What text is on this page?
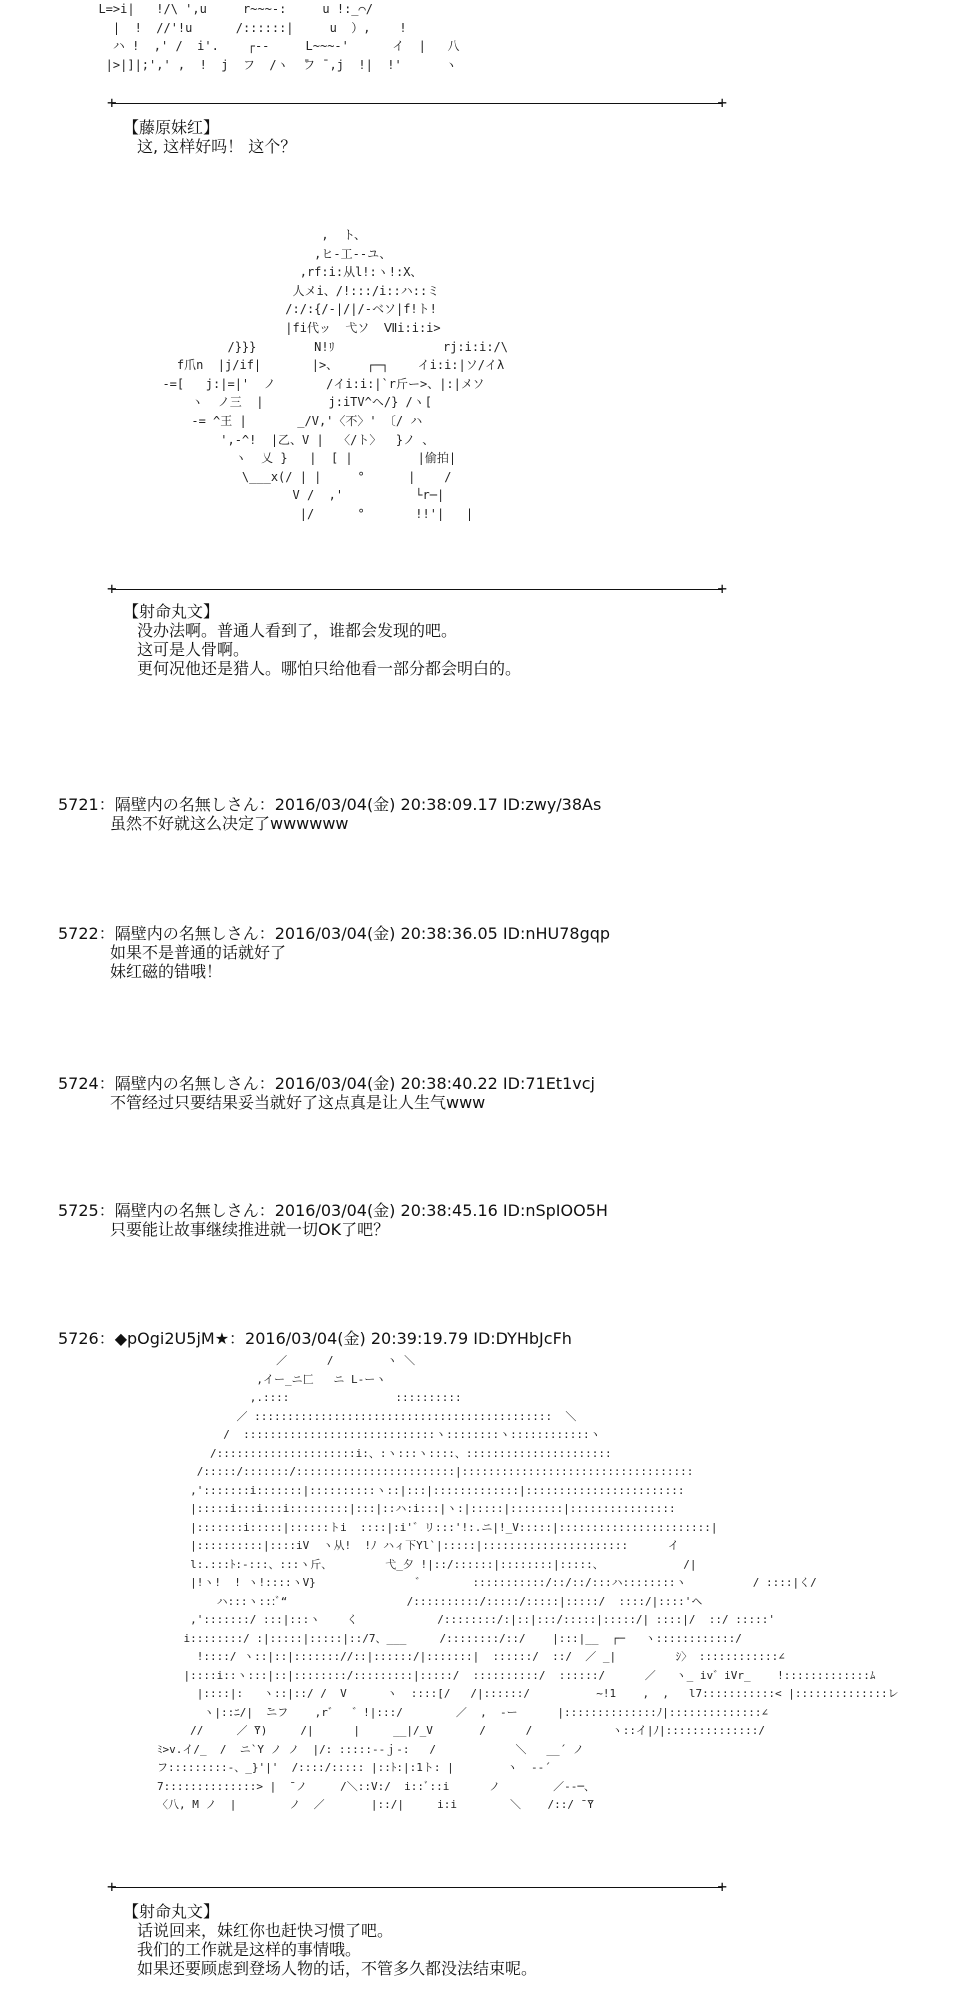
L=>i|   !/\ ',u     r~~~-:     u !:_⌒/
|  !  //'!u      /::::::|     u  ）,    !
ハ !  ,' /  i'.    ┌--     L~~~-'      イ  |   八
|>|]|;',' ,  !  j  フ  /ヽ  ̄フ ̄ ,j  !|  !'      ヽ
+	+
【藤原妹红】
这, 这样好吗！ 这个？
,  ト、
,ヒ-工--ユ、
,rf:i:从l!:ヽ!:X、
人メi、/!:::/i::ハ::ミ
/:/:{/-|/|/-ベソ|f!ト!
|fi代ッ  弋ソ  Ⅶi:i:i>
/}}}        N!ﾘ               rj:i:i:/\
f爪n  |j/if|       |>、    ┌─┐    イi:i:|ソ/イλ
-=[   j:|=|'  ノ       /イi:i:|`r斤ー>、|:|メソ
ヽ  ノ三  |         j:iTV^ヘ/} /ヽ[
-= ^王 |       _/V,'〈不〉' 〔/ ハ
',-^!  |乙、V |  〈/ト〉  }ノ 、
ヽ  乂 }   |  [ |         |偷拍|
\___x(/ | |     °      |    /
V /  ,'          └r─|
|/      °       !!'|   |
+	+
【射命丸文】
没办法啊。普通人看到了，谁都会发现的吧。
这可是人骨啊。
更何况他还是猎人。哪怕只给他看一部分都会明白的。
5721：隔壁内の名無しさん：2016/03/04(金) 20:38:09.17 ID:zwy/38As
虽然不好就这么决定了wwwwww
5722：隔壁内の名無しさん：2016/03/04(金) 20:38:36.05 ID:nHU78gqp
如果不是普通的话就好了
妹红磁的错哦！
5724：隔壁内の名無しさん：2016/03/04(金) 20:38:40.22 ID:71Et1vcj
不管经过只要结果妥当就好了这点真是让人生气www
5725：隔壁内の名無しさん：2016/03/04(金) 20:38:45.16 ID:nSpIOO5H
只要能让故事继续推进就一切OK了吧？
5726：◆pOgi2U5jM★：2016/03/04(金) 20:39:19.79 ID:DYHbJcFh
／      /        ヽ ＼
,イー_ニ匚   ニ L-ーヽ
,.::::                ::::::::::
／ :::::::::::::::::::::::::::::::::::::::::::::  ＼
/  :::::::::::::::::::::::::::::ヽ::::::::ヽ::::::::::::ヽ
/:::::::::::::::::::::i:、:ヽ:::ヽ::::、::::::::::::::::::::::
/:::::/:::::::/::::::::::::::::::::::::|:::::::::::::::::::::::::::::::::::
,':::::::i:::::::|::::::::::ヽ::|:::|:::::::::::::|::::::::::::::::::::::::
|:::::i:::i:::i:::::::::|:::|::ハ:i:::|ヽ:|:::::|::::::::|::::::::::::::::
|:::::::i:::::|::::::トi  ::::|:i'゛リ:::'!:.ニ|!_V:::::|:::::::::::::::::::::::|
|::::::::::|::::iV  ヽ从!  !ﾉ ハィ下Yl`|:::::|::::::::::::::::::::::      イ
l:.:::ﾄ:‐:::、:::ヽ斤、        弋_夕 !|::/::::::|::::::::|:::::、            /|
|!ヽ!  ! ヽ!::::ヽV}               ゛       :::::::::::/::/::/:::ハ::::::::ヽ          / ::::|く/
ハ:::ヽ:::ﾞ“                  /::::::::::/:::::/:::::|:::::/  ::::/|::::'ヘ
,':::::::/ :::|:::ヽ    く            /::::::::/:|::|:::/:::::|:::::/| ::::|/  ::/ :::::'
i::::::::/ :|:::::|:::::|::/7、___     /::::::::/::/    |:::|__  ┌─   ヽ::::::::::::/
!::::/ ヽ::|::|::::::://::|::::::/|:::::::|  ::::::/  ::/  ／ _|         ｼ〉 ::::::::::::∠
|::::i::ヽ:::|::|::::::::/:::::::::|:::::/  ::::::::::/  ::::::/      ／   ヽ_ iv゛iVr_    !:::::::::::::ﾑ
|::::|:   ヽ::|::/ /  V      ヽ  ::::[/   /|::::::/          ~!1    ,  ,   l7:::::::::::< |::::::::::::::レ
ヽ|::ﾆ/|  ̄ニフ    ,r゛  ゛!|:::/        ／  ,  -ー      |::::::::::::::ﾉ|::::::::::::::∠
//     ／ ̄Y)     /|      |     __|/_V       /      /            ヽ::イ|ﾉ|::::::::::::::/
ﾐ>v.イ/_  /  ニ`Y ノ ノ  |/: :::::--ｊ-:   /            ＼   __´ ノ
フ:::::::::-、_}'|'  /::::/::::: |::ﾄ:|:1ト: |        ヽ  --´
7::::::::::::::> |  ̄ ノ     /＼::V:/  i::ﾞ::i      ノ        ／‐‐─、
〈八, M ノ  |        ノ  ／       |::/|     i:i        ＼    /::/ ̄ ̄Y
+	+
【射命丸文】
话说回来，妹红你也赶快习惯了吧。
我们的工作就是这样的事情哦。
如果还要顾虑到登场人物的话，不管多久都没法结束呢。
